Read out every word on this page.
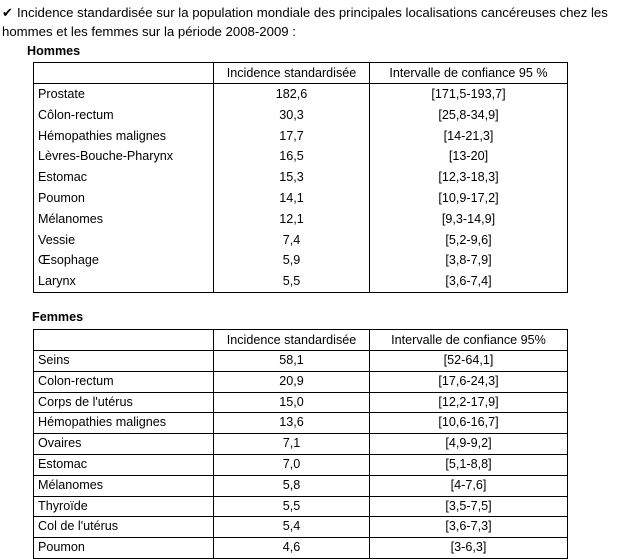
✔ Incidence standardisée sur la population mondiale des principales localisations cancéreuses chez les hommes et les femmes sur la période 2008-2009 :
Hommes
	Incidence standardisée	Intervalle de confiance 95 %
Prostate	182,6	[171,5-193,7]
Côlon-rectum	30,3	[25,8-34,9]
Hémopathies malignes	17,7	[14-21,3]
Lèvres-Bouche-Pharynx	16,5	[13-20]
Estomac	15,3	[12,3-18,3]
Poumon	14,1	[10,9-17,2]
Mélanomes	12,1	[9,3-14,9]
Vessie	7,4	[5,2-9,6]
Œsophage	5,9	[3,8-7,9]
Larynx	5,5	[3,6-7,4]
Femmes
	Incidence standardisée	Intervalle de confiance 95%
Seins	58,1	[52-64,1]
Colon-rectum	20,9	[17,6-24,3]
Corps de l'utérus	15,0	[12,2-17,9]
Hémopathies malignes	13,6	[10,6-16,7]
Ovaires	7,1	[4,9-9,2]
Estomac	7,0	[5,1-8,8]
Mélanomes	5,8	[4-7,6]
Thyroïde	5,5	[3,5-7,5]
Col de l'utérus	5,4	[3,6-7,3]
Poumon	4,6	[3-6,3]
